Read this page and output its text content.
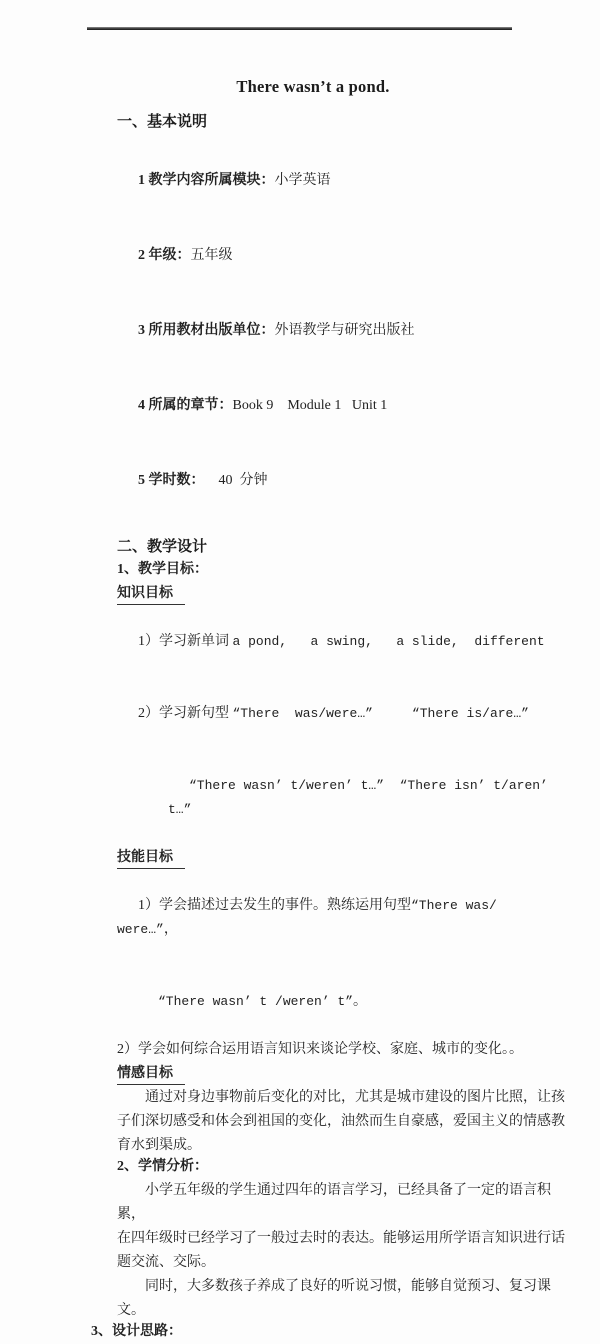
There wasn’t a pond.
一、基本说明

1 教学内容所属模块：小学英语

2 年级：五年级

3 所用教材出版单位：外语教学与研究出版社

4 所属的章节：Book 9    Module 1   Unit 1

5 学时数：    40  分钟

二、教学设计
1、教学目标：
知识目标

1）学习新单词 a pond,   a swing,   a slide,  different

2）学习新句型 “There  was/were…”     “There is/are…”

“There wasn’ t/weren’ t…”  “There isn’ t/aren’ t…”

技能目标

1）学会描述过去发生的事件。熟练运用句型“There was/ were…”，

“There wasn’ t /weren’ t”。

2）学会如何综合运用语言知识来谈论学校、家庭、城市的变化。。
情感目标
通过对身边事物前后变化的对比，尤其是城市建设的图片比照，让孩
子们深切感受和体会到祖国的变化，油然而生自豪感，爱国主义的情感教
育水到渠成。
2、学情分析：
小学五年级的学生通过四年的语言学习，已经具备了一定的语言积累，
在四年级时已经学习了一般过去时的表达。能够运用所学语言知识进行话
题交流、交际。
同时，大多数孩子养成了良好的听说习惯，能够自觉预习、复习课文。
3、设计思路：
